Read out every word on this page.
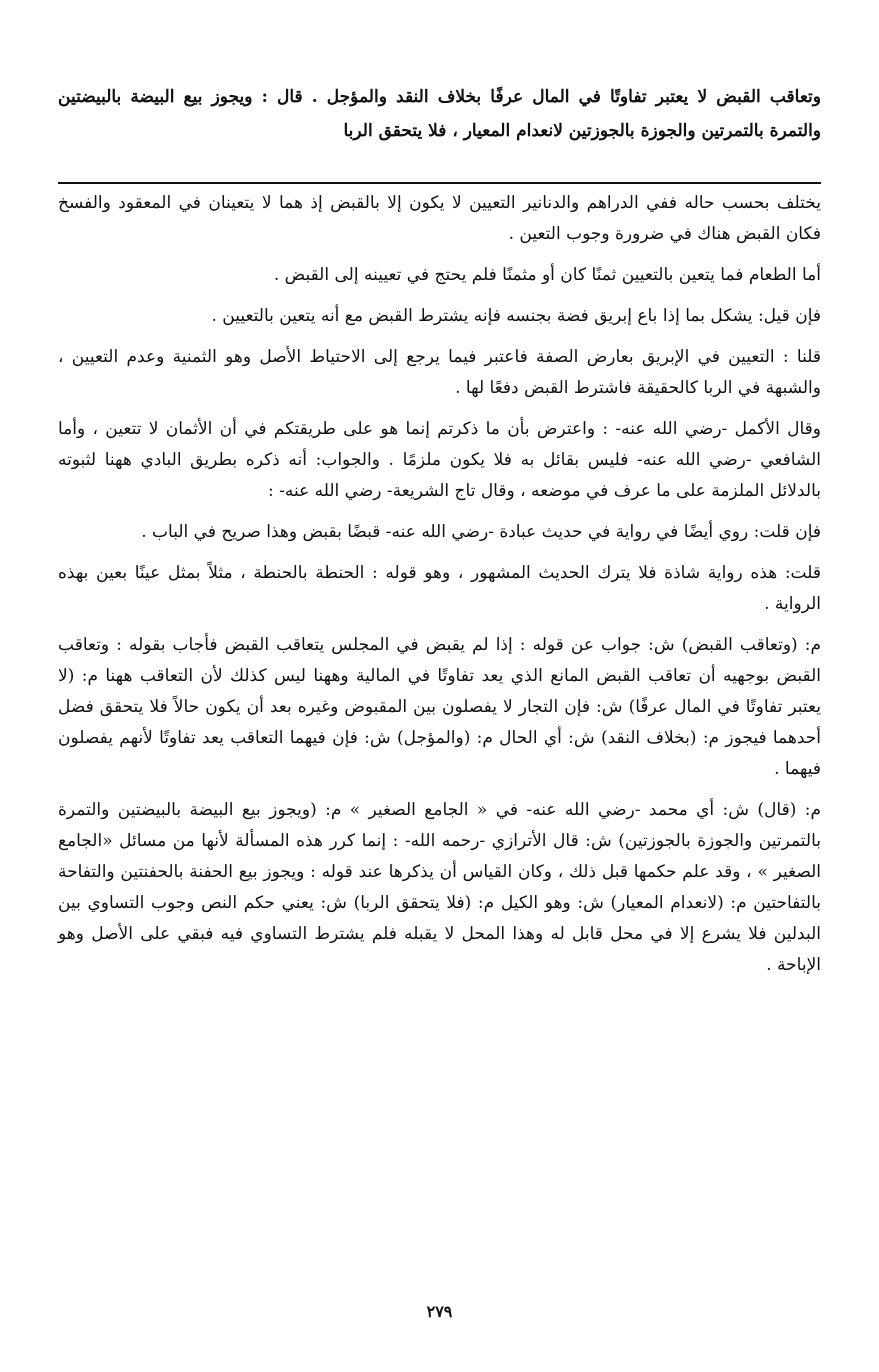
وتعاقب القبض لا يعتبر تفاوتًا في المال عرفًا بخلاف النقد والمؤجل . قال : ويجوز بيع البيضة بالبيضتين والتمرة بالتمرتين والجوزة بالجوزتين لانعدام المعيار ، فلا يتحقق الربا

يختلف بحسب حاله ففي الدراهم والدنانير التعيين لا يكون إلا بالقبض إذ هما لا يتعينان في المعقود والفسخ فكان القبض هناك في ضرورة وجوب التعين .

أما الطعام فما يتعين بالتعيين ثمنًا كان أو مثمنًا فلم يحتج في تعيينه إلى القبض .

فإن قيل: يشكل بما إذا باع إبريق فضة بجنسه فإنه يشترط القبض مع أنه يتعين بالتعيين .

قلنا : التعيين في الإبريق بعارض الصفة فاعتبر فيما يرجع إلى الاحتياط الأصل وهو الثمنية وعدم التعيين ، والشبهة في الربا كالحقيقة فاشترط القبض دفعًا لها .

وقال الأكمل -رضي الله عنه- : واعترض بأن ما ذكرتم إنما هو على طريقتكم في أن الأثمان لا تتعين ، وأما الشافعي -رضي الله عنه- فليس بقائل به فلا يكون ملزمًا . والجواب: أنه ذكره بطريق البادي ههنا لثبوته بالدلائل الملزمة على ما عرف في موضعه ، وقال تاج الشريعة- رضي الله عنه- :

فإن قلت: روي أيضًا في رواية في حديث عبادة -رضي الله عنه- قبضًا بقبض وهذا صريح في الباب .

قلت: هذه رواية شاذة فلا يترك الحديث المشهور ، وهو قوله : الحنطة بالحنطة ، مثلاً بمثل عينًا بعين بهذه الرواية .

م: (وتعاقب القبض) ش: جواب عن قوله : إذا لم يقبض في المجلس يتعاقب القبض فأجاب بقوله : وتعاقب القبض بوجهيه أن تعاقب القبض المانع الذي يعد تفاوتًا في المالية وههنا ليس كذلك لأن التعاقب ههنا م: (لا يعتبر تفاوتًا في المال عرفًا) ش: فإن التجار لا يفصلون بين المقبوض وغيره بعد أن يكون حالاً فلا يتحقق فضل أحدهما فيجوز م: (بخلاف النقد) ش: أي الحال م: (والمؤجل) ش: فإن فيهما التعاقب يعد تفاوتًا لأنهم يفصلون فيهما .

م: (قال) ش: أي محمد -رضي الله عنه- في « الجامع الصغير » م: (ويجوز بيع البيضة بالبيضتين والتمرة بالتمرتين والجوزة بالجوزتين) ش: قال الأترازي -رحمه الله- : إنما كرر هذه المسألة لأنها من مسائل «الجامع الصغير » ، وقد علم حكمها قبل ذلك ، وكان القياس أن يذكرها عند قوله : ويجوز بيع الحفنة بالحفنتين والتفاحة بالتفاحتين م: (لانعدام المعيار) ش: وهو الكيل م: (فلا يتحقق الربا) ش: يعني حكم النص وجوب التساوي بين البدلين فلا يشرع إلا في محل قابل له وهذا المحل لا يقبله فلم يشترط التساوي فيه فبقي على الأصل وهو الإباحة .

٢٧٩
